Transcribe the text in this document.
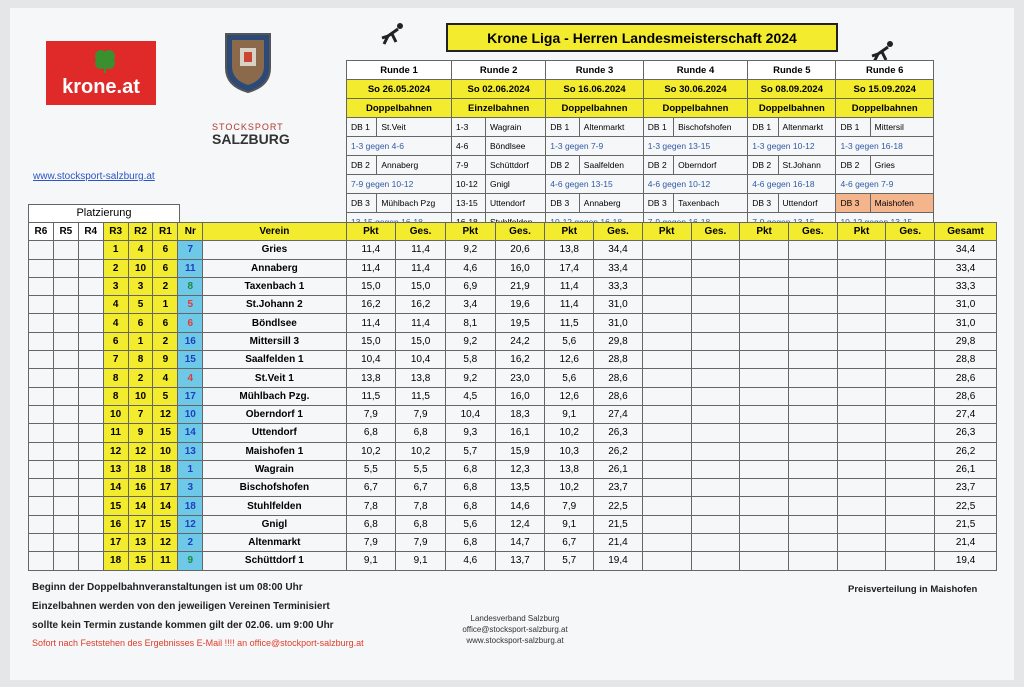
krone.at
STOCKSPORT
SALZBURG
www.stocksport-salzburg.at
Krone Liga - Herren Landesmeisterschaft 2024
Runde 1		Runde 2		Runde 3		Runde 4		Runde 5		Runde 6	
So 26.05.2024		So 02.06.2024		So 16.06.2024		So 30.06.2024		So 08.09.2024		So 15.09.2024	
Doppelbahnen		Einzelbahnen		Doppelbahnen		Doppelbahnen		Doppelbahnen		Doppelbahnen	
DB 1	St.Veit	1-3	Wagrain	DB 1	Altenmarkt	DB 1	Bischofshofen	DB 1	Altenmarkt	DB 1	Mittersil
1-3 gegen 4-6		4-6	Böndlsee	1-3 gegen 7-9		1-3 gegen 13-15		1-3 gegen 10-12		1-3 gegen 16-18	
DB 2	Annaberg	7-9	Schüttdorf	DB 2	Saalfelden	DB 2	Oberndorf	DB 2	St.Johann	DB 2	Gries
7-9 gegen 10-12		10-12	Gnigl	4-6 gegen 13-15		4-6 gegen 10-12		4-6 gegen 16-18		4-6 gegen 7-9	
DB 3	Mühlbach Pzg	13-15	Uttendorf	DB 3	Annaberg	DB 3	Taxenbach	DB 3	Uttendorf	DB 3	Maishofen

Platzierung
R6	R5	R4	R3	R2	R1	Nr	Verein	Pkt	Ges.	Pkt	Ges.	Pkt	Ges.	Pkt	Ges.	Pkt	Ges.	Pkt	Ges.	Gesamt
			1	4	6	7	Gries	11,4	11,4	9,2	20,6	13,8	34,4							34,4
			2	10	6	11	Annaberg	11,4	11,4	4,6	16,0	17,4	33,4							33,4
			3	3	2	8	Taxenbach 1	15,0	15,0	6,9	21,9	11,4	33,3							33,3
			4	5	1	5	St.Johann 2	16,2	16,2	3,4	19,6	11,4	31,0							31,0
			4	6	6	6	Böndlsee	11,4	11,4	8,1	19,5	11,5	31,0							31,0
			6	1	2	16	Mittersill 3	15,0	15,0	9,2	24,2	5,6	29,8							29,8
			7	8	9	15	Saalfelden 1	10,4	10,4	5,8	16,2	12,6	28,8							28,8
			8	2	4	4	St.Veit 1	13,8	13,8	9,2	23,0	5,6	28,6							28,6
			8	10	5	17	Mühlbach Pzg.	11,5	11,5	4,5	16,0	12,6	28,6							28,6
			10	7	12	10	Oberndorf 1	7,9	7,9	10,4	18,3	9,1	27,4							27,4
			11	9	15	14	Uttendorf	6,8	6,8	9,3	16,1	10,2	26,3							26,3
			12	12	10	13	Maishofen 1	10,2	10,2	5,7	15,9	10,3	26,2							26,2
			13	18	18	1	Wagrain	5,5	5,5	6,8	12,3	13,8	26,1							26,1
			14	16	17	3	Bischofshofen	6,7	6,7	6,8	13,5	10,2	23,7							23,7
			15	14	14	18	Stuhlfelden	7,8	7,8	6,8	14,6	7,9	22,5							22,5
			16	17	15	12	Gnigl	6,8	6,8	5,6	12,4	9,1	21,5							21,5
			17	13	12	2	Altenmarkt	7,9	7,9	6,8	14,7	6,7	21,4							21,4
			18	15	11	9	Schüttdorf 1	9,1	9,1	4,6	13,7	5,7	19,4							19,4
Beginn der Doppelbahnveranstaltungen ist um 08:00 Uhr
Einzelbahnen werden von den jeweiligen Vereinen Terminisiert
sollte kein Termin zustande kommen gilt der 02.06. um 9:00 Uhr
Sofort nach Feststehen des Ergebnisses E-Mail !!!! an office@stockport-salzburg.at
Landesverband Salzburg
office@stocksport-salzburg.at
www.stocksport-salzburg.at
Preisverteilung in Maishofen
